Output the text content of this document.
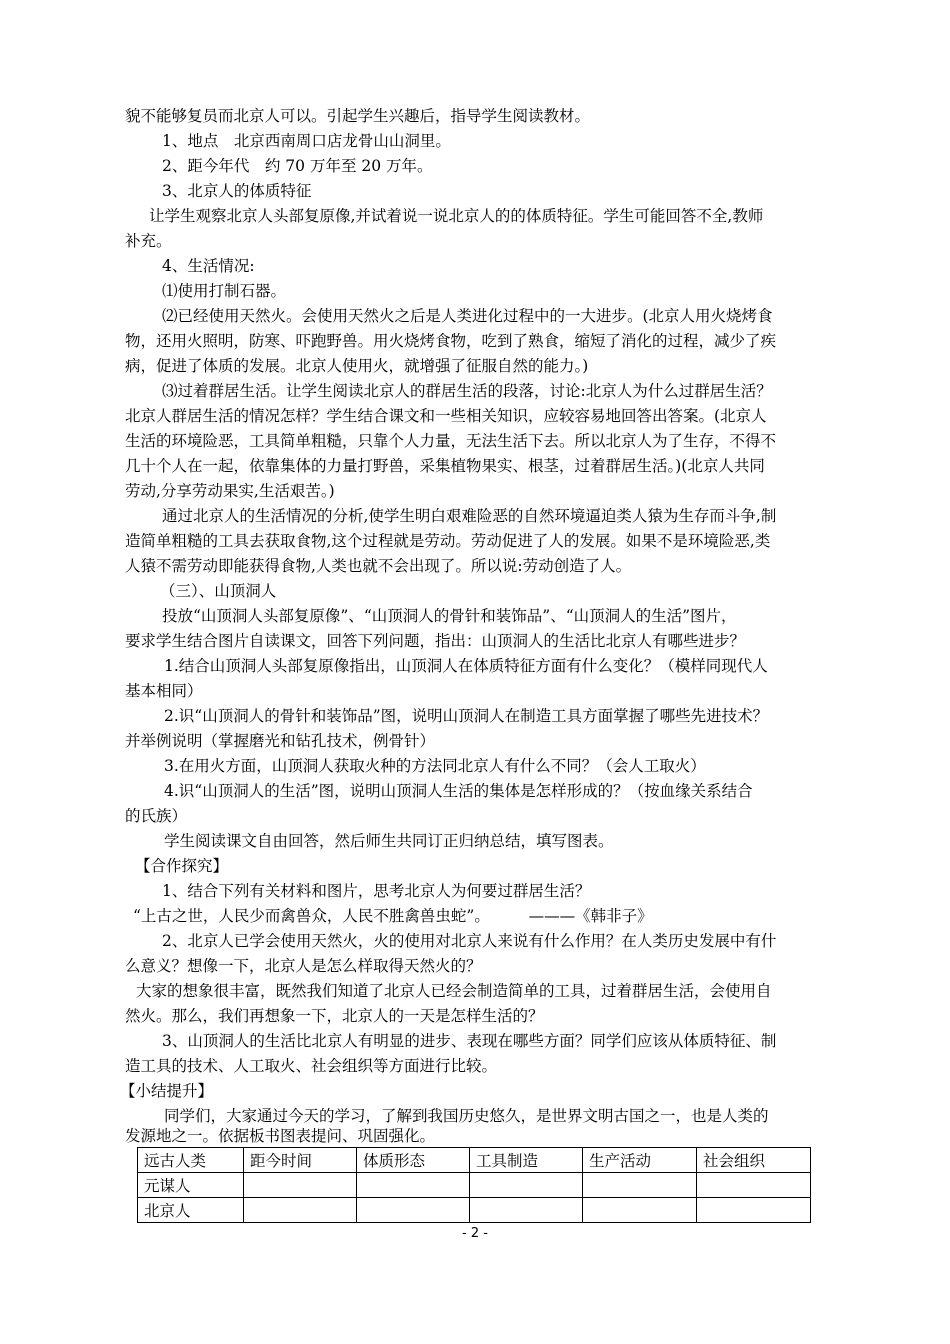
貌不能够复员而北京人可以。引起学生兴趣后，指导学生阅读教材。
1、地点　北京西南周口店龙骨山山洞里。
2、距今年代　约 70 万年至 20 万年。
3、北京人的体质特征
让学生观察北京人头部复原像,并试着说一说北京人的的体质特征。学生可能回答不全,教师
补充。
4、生活情况:
⑴使用打制石器。
⑵已经使用天然火。会使用天然火之后是人类进化过程中的一大进步。(北京人用火烧烤食
物，还用火照明，防寒、吓跑野兽。用火烧烤食物，吃到了熟食，缩短了消化的过程，减少了疾
病，促进了体质的发展。北京人使用火，就增强了征服自然的能力。)
⑶过着群居生活。让学生阅读北京人的群居生活的段落，讨论:北京人为什么过群居生活？
北京人群居生活的情况怎样？学生结合课文和一些相关知识，应较容易地回答出答案。(北京人
生活的环境险恶，工具简单粗糙，只靠个人力量，无法生活下去。所以北京人为了生存，不得不
几十个人在一起，依靠集体的力量打野兽，采集植物果实、根茎，过着群居生活。)(北京人共同
劳动,分享劳动果实,生活艰苦。)
通过北京人的生活情况的分析,使学生明白艰难险恶的自然环境逼迫类人猿为生存而斗争,制
造简单粗糙的工具去获取食物,这个过程就是劳动。劳动促进了人的发展。如果不是环境险恶,类
人猿不需劳动即能获得食物,人类也就不会出现了。所以说:劳动创造了人。
（三）、山顶洞人
投放“山顶洞人头部复原像”、“山顶洞人的骨针和装饰品”、“山顶洞人的生活”图片，
要求学生结合图片自读课文，回答下列问题，指出：山顶洞人的生活比北京人有哪些进步？
1.结合山顶洞人头部复原像指出，山顶洞人在体质特征方面有什么变化？（模样同现代人
基本相同）
2.识“山顶洞人的骨针和装饰品”图，说明山顶洞人在制造工具方面掌握了哪些先进技术？
并举例说明（掌握磨光和钻孔技术，例骨针）
3.在用火方面，山顶洞人获取火种的方法同北京人有什么不同？（会人工取火）
4.识“山顶洞人的生活”图，说明山顶洞人生活的集体是怎样形成的？（按血缘关系结合
的氏族）
学生阅读课文自由回答，然后师生共同订正归纳总结，填写图表。
【合作探究】
1、结合下列有关材料和图片，思考北京人为何要过群居生活？
“上古之世，人民少而禽兽众，人民不胜禽兽虫蛇”。　　　———《韩非子》
2、北京人已学会使用天然火，火的使用对北京人来说有什么作用？在人类历史发展中有什
么意义？想像一下，北京人是怎么样取得天然火的？
大家的想象很丰富，既然我们知道了北京人已经会制造简单的工具，过着群居生活，会使用自
然火。那么，我们再想象一下，北京人的一天是怎样生活的？
3、山顶洞人的生活比北京人有明显的进步、表现在哪些方面？同学们应该从体质特征、制
造工具的技术、人工取火、社会组织等方面进行比较。
【小结提升】
同学们，大家通过今天的学习，了解到我国历史悠久，是世界文明古国之一，也是人类的
发源地之一。依据板书图表提问、巩固强化。
远古人类	距今时间	体质形态	工具制造	生产活动	社会组织
元谋人					
北京人					
- 2 -
